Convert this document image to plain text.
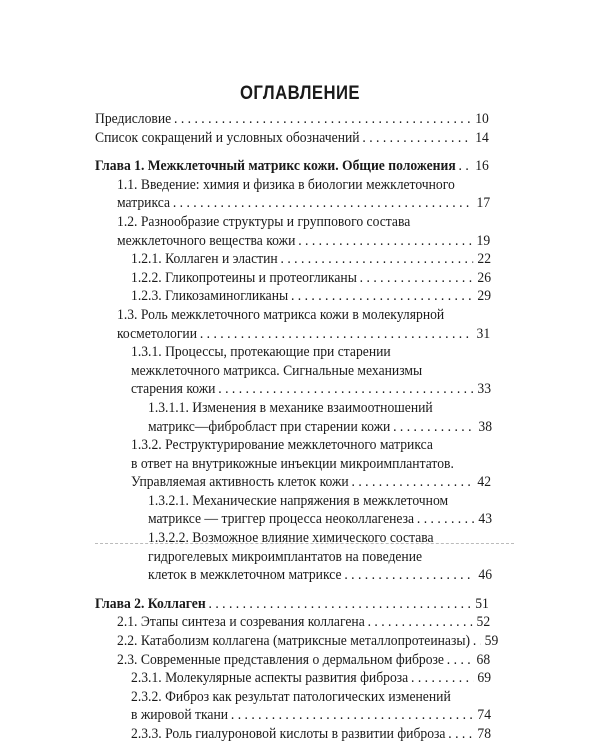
ОГЛАВЛЕНИЕ
Предисловие . . .	10
Список сокращений и условных обозначений . . .	14
Глава 1. Межклеточный матрикс кожи. Общие положения . . . 16
1.1. Введение: химия и физика в биологии межклеточного
матрикса . . .	17
1.2. Разнообразие структуры и группового состава
межклеточного вещества кожи . . .	19
1.2.1. Коллаген и эластин . . .	22
1.2.2. Гликопротеины и протеогликаны . . .	26
1.2.3. Гликозаминогликаны . . .	29
1.3. Роль межклеточного матрикса кожи в молекулярной
косметологии . . .	31
1.3.1. Процессы, протекающие при старении
межклеточного матрикса. Сигнальные механизмы
старения кожи . . .	33
1.3.1.1. Изменения в механике взаимоотношений
матрикс—фибробласт при старении кожи . . .	38
1.3.2. Реструктурирование межклеточного матрикса
в ответ на внутрикожные инъекции микроимплантатов.
Управляемая активность клеток кожи . . .	42
1.3.2.1. Механические напряжения в межклеточном
матриксе — триггер процесса неоколлагенеза . . .	43
1.3.2.2. Возможное влияние химического состава
гидрогелевых микроимплантатов на поведение
клеток в межклеточном матриксе . . .	46
Глава 2. Коллаген . . .	51
2.1. Этапы синтеза и созревания коллагена . . .	52
2.2. Катаболизм коллагена (матриксные металлопротеиназы) . . . 59
2.3. Современные представления о дермальном фиброзе . . . 68
2.3.1. Молекулярные аспекты развития фиброза . . .	69
2.3.2. Фиброз как результат патологических изменений
в жировой ткани . . .	74
2.3.3. Роль гиалуроновой кислоты в развитии фиброза . . . 78
